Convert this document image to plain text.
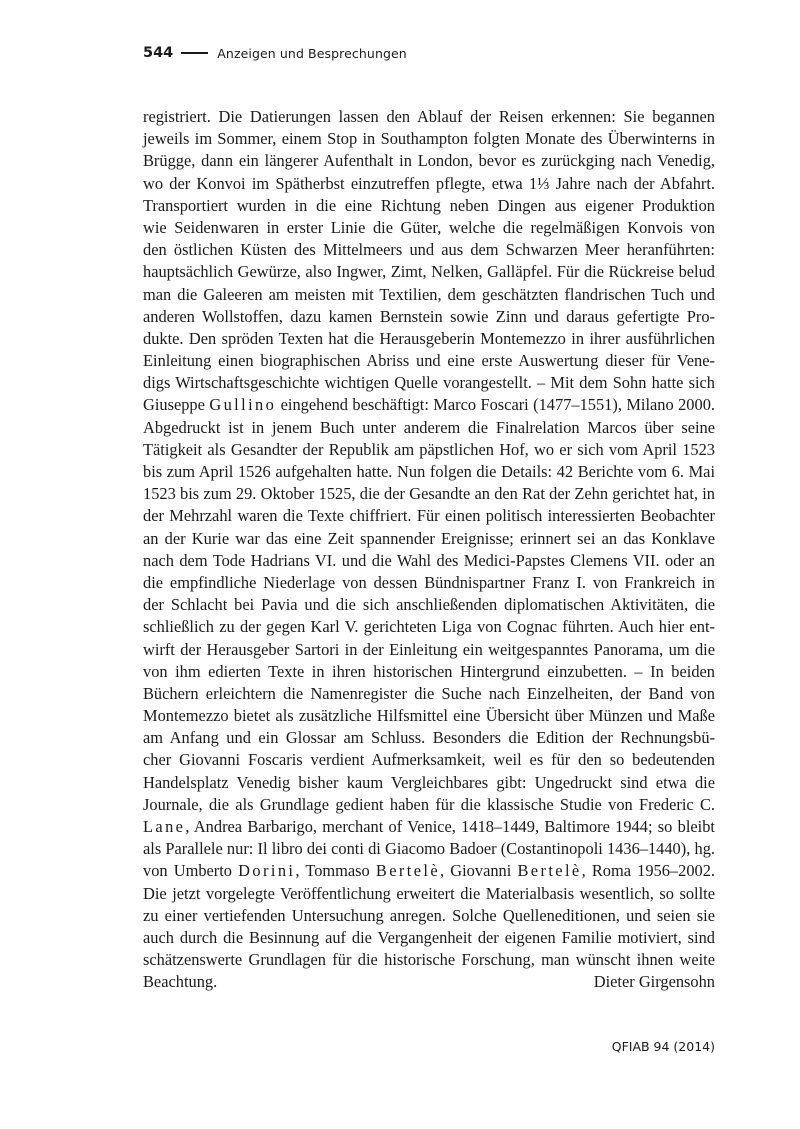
544	Anzeigen und Besprechungen
registriert. Die Datierungen lassen den Ablauf der Reisen erkennen: Sie begannen
jeweils im Sommer, einem Stop in Southampton folgten Monate des Überwinterns in
Brügge, dann ein längerer Aufenthalt in London, bevor es zurückging nach Venedig,
wo der Konvoi im Spätherbst einzutreffen pflegte, etwa 1⅓ Jahre nach der Abfahrt.
Transportiert wurden in die eine Richtung neben Dingen aus eigener Produktion
wie Seidenwaren in erster Linie die Güter, welche die regelmäßigen Konvois von
den östlichen Küsten des Mittelmeers und aus dem Schwarzen Meer heranführten:
hauptsächlich Gewürze, also Ingwer, Zimt, Nelken, Galläpfel. Für die Rückreise belud
man die Galeeren am meisten mit Textilien, dem geschätzten flandrischen Tuch und
anderen Wollstoffen, dazu kamen Bernstein sowie Zinn und daraus gefertigte Pro-
dukte. Den spröden Texten hat die Herausgeberin Montemezzo in ihrer ausführlichen
Einleitung einen biographischen Abriss und eine erste Auswertung dieser für Vene-
digs Wirtschaftsgeschichte wichtigen Quelle vorangestellt. – Mit dem Sohn hatte sich
Giuseppe Gullino eingehend beschäftigt: Marco Foscari (1477–1551), Milano 2000.
Abgedruckt ist in jenem Buch unter anderem die Finalrelation Marcos über seine
Tätigkeit als Gesandter der Republik am päpstlichen Hof, wo er sich vom April 1523
bis zum April 1526 aufgehalten hatte. Nun folgen die Details: 42 Berichte vom 6. Mai
1523 bis zum 29. Oktober 1525, die der Gesandte an den Rat der Zehn gerichtet hat, in
der Mehrzahl waren die Texte chiffriert. Für einen politisch interessierten Beobachter
an der Kurie war das eine Zeit spannender Ereignisse; erinnert sei an das Konklave
nach dem Tode Hadrians VI. und die Wahl des Medici-Papstes Clemens VII. oder an
die empfindliche Niederlage von dessen Bündnispartner Franz I. von Frankreich in
der Schlacht bei Pavia und die sich anschließenden diplomatischen Aktivitäten, die
schließlich zu der gegen Karl V. gerichteten Liga von Cognac führten. Auch hier ent-
wirft der Herausgeber Sartori in der Einleitung ein weitgespanntes Panorama, um die
von ihm edierten Texte in ihren historischen Hintergrund einzubetten. – In beiden
Büchern erleichtern die Namenregister die Suche nach Einzelheiten, der Band von
Montemezzo bietet als zusätzliche Hilfsmittel eine Übersicht über Münzen und Maße
am Anfang und ein Glossar am Schluss. Besonders die Edition der Rechnungsbü-
cher Giovanni Foscaris verdient Aufmerksamkeit, weil es für den so bedeutenden
Handelsplatz Venedig bisher kaum Vergleichbares gibt: Ungedruckt sind etwa die
Journale, die als Grundlage gedient haben für die klassische Studie von Frederic C.
Lane, Andrea Barbarigo, merchant of Venice, 1418–1449, Baltimore 1944; so bleibt
als Parallele nur: Il libro dei conti di Giacomo Badoer (Costantinopoli 1436–1440), hg.
von Umberto Dorini, Tommaso Bertelè, Giovanni Bertelè, Roma 1956–2002.
Die jetzt vorgelegte Veröffentlichung erweitert die Materialbasis wesentlich, so sollte
zu einer vertiefenden Untersuchung anregen. Solche Quelleneditionen, und seien sie
auch durch die Besinnung auf die Vergangenheit der eigenen Familie motiviert, sind
schätzenswerte Grundlagen für die historische Forschung, man wünscht ihnen weite
Beachtung.	Dieter Girgensohn
QFIAB 94 (2014)
